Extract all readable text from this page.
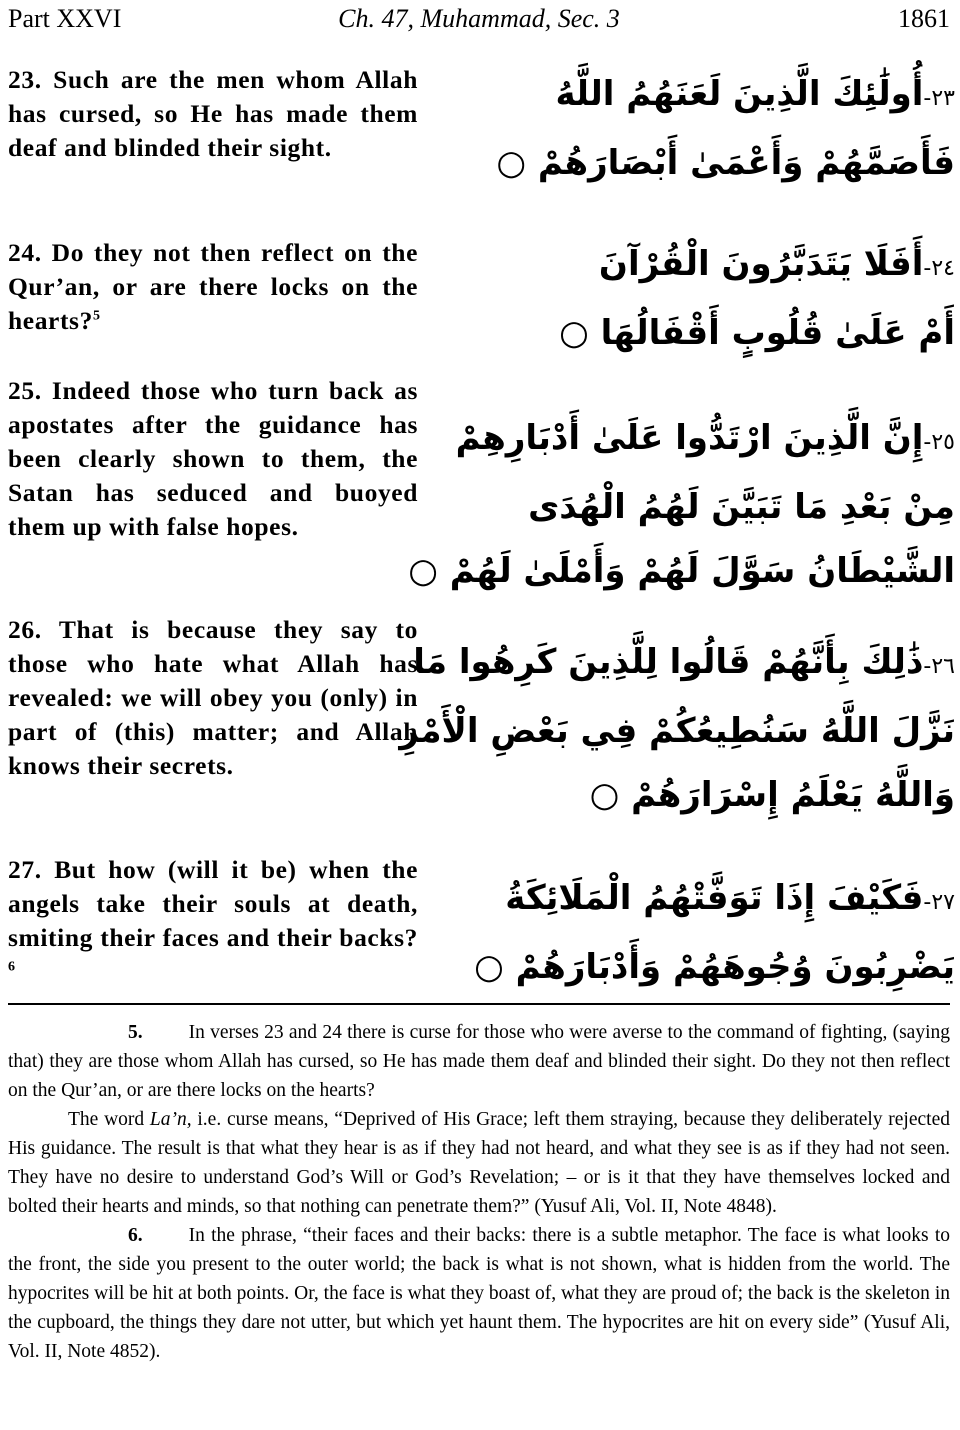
Part XXVI	Ch. 47, Muhammad, Sec. 3	1861
23. Such are the men whom Allah has cursed, so He has made them deaf and blinded their sight.
٢٣-أُولَٰئِكَ الَّذِينَ لَعَنَهُمُ اللَّهُ
فَأَصَمَّهُمْ وَأَعْمَىٰ أَبْصَارَهُمْ ○
24. Do they not then reflect on the Qur’an, or are there locks on the hearts?$^5$
٢٤-أَفَلَا يَتَدَبَّرُونَ الْقُرْآنَ
أَمْ عَلَىٰ قُلُوبٍ أَقْفَالُهَا ○
25. Indeed those who turn back as apostates after the guidance has been clearly shown to them, the Satan has seduced and buoyed them up with false hopes.
٢٥-إِنَّ الَّذِينَ ارْتَدُّوا عَلَىٰ أَدْبَارِهِمْ
مِنْ بَعْدِ مَا تَبَيَّنَ لَهُمُ الْهُدَى
الشَّيْطَانُ سَوَّلَ لَهُمْ وَأَمْلَىٰ لَهُمْ ○
26. That is because they say to those who hate what Allah has revealed: we will obey you (only) in part of (this) matter; and Allah knows their secrets.
٢٦-ذَٰلِكَ بِأَنَّهُمْ قَالُوا لِلَّذِينَ كَرِهُوا مَا
نَزَّلَ اللَّهُ سَنُطِيعُكُمْ فِي بَعْضِ الْأَمْرِ
وَاللَّهُ يَعْلَمُ إِسْرَارَهُمْ ○
27. But how (will it be) when the angels take their souls at death, smiting their faces and their backs?$^6$
٢٧-فَكَيْفَ إِذَا تَوَفَّتْهُمُ الْمَلَائِكَةُ
يَضْرِبُونَ وُجُوهَهُمْ وَأَدْبَارَهُمْ ○

5. In verses 23 and 24 there is curse for those who were averse to the command of fighting, (saying that) they are those whom Allah has cursed, so He has made them deaf and blinded their sight. Do they not then reflect on the Qur’an, or are there locks on the hearts?

The word La’n, i.e. curse means, “Deprived of His Grace; left them straying, because they deliberately rejected His guidance. The result is that what they hear is as if they had not heard, and what they see is as if they had not seen. They have no desire to understand God’s Will or God’s Revelation; – or is it that they have themselves locked and bolted their hearts and minds, so that nothing can penetrate them?” (Yusuf Ali, Vol. II, Note 4848).

6. In the phrase, “their faces and their backs: there is a subtle metaphor. The face is what looks to the front, the side you present to the outer world; the back is what is not shown, what is hidden from the world. The hypocrites will be hit at both points. Or, the face is what they boast of, what they are proud of; the back is the skeleton in the cupboard, the things they dare not utter, but which yet haunt them. The hypocrites are hit on every side” (Yusuf Ali, Vol. II, Note 4852).
